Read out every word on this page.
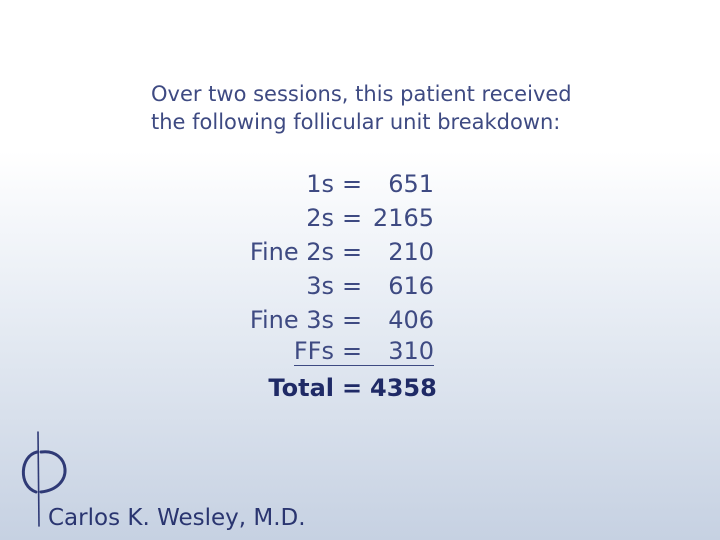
Over two sessions, this patient received
the following follicular unit breakdown:
1s =	651
2s = 2165
Fine 2s =	210
3s =	616
Fine 3s =	406
FFs =	310
Total = 4358
Carlos K. Wesley, M.D.
